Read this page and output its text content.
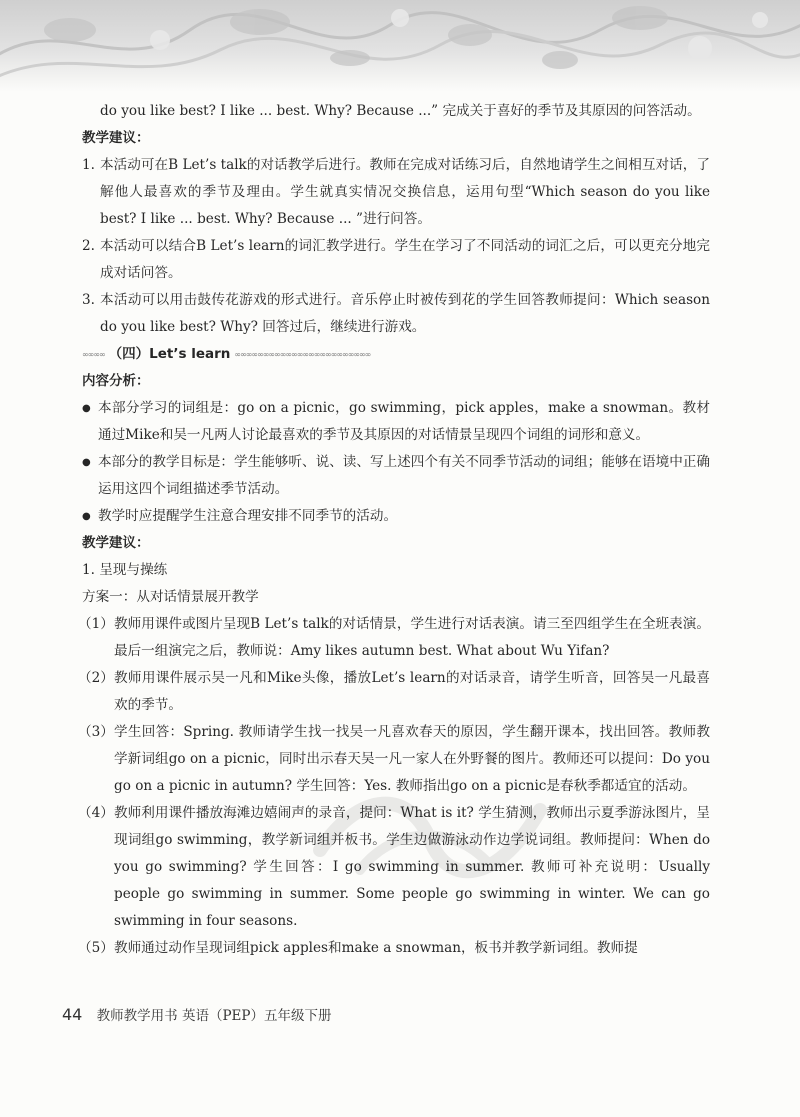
do you like best? I like ... best. Why? Because ...” 完成关于喜好的季节及其原因的问答活动。
教学建议：
1. 本活动可在B Let’s talk的对话教学后进行。教师在完成对话练习后，自然地请学生之间相互对话，了解他人最喜欢的季节及理由。学生就真实情况交换信息，运用句型“Which season do you like best? I like ... best. Why? Because ... ”进行问答。
2. 本活动可以结合B Let’s learn的词汇教学进行。学生在学习了不同活动的词汇之后，可以更充分地完成对话问答。
3. 本活动可以用击鼓传花游戏的形式进行。音乐停止时被传到花的学生回答教师提问：Which season do you like best? Why? 回答过后，继续进行游戏。
∞∞∞∞ （四）Let’s learn ∞∞∞∞∞∞∞∞∞∞∞∞∞∞∞∞∞∞∞∞∞∞∞∞
内容分析：
● 本部分学习的词组是：go on a picnic，go swimming，pick apples，make a snowman。教材通过Mike和吴一凡两人讨论最喜欢的季节及其原因的对话情景呈现四个词组的词形和意义。
● 本部分的教学目标是：学生能够听、说、读、写上述四个有关不同季节活动的词组；能够在语境中正确运用这四个词组描述季节活动。
● 教学时应提醒学生注意合理安排不同季节的活动。
教学建议：
1. 呈现与操练
方案一：从对话情景展开教学
（1） 教师用课件或图片呈现B Let’s talk的对话情景，学生进行对话表演。请三至四组学生在全班表演。最后一组演完之后，教师说：Amy likes autumn best. What about Wu Yifan?
（2） 教师用课件展示吴一凡和Mike头像，播放Let’s learn的对话录音，请学生听音，回答吴一凡最喜欢的季节。
（3） 学生回答：Spring. 教师请学生找一找吴一凡喜欢春天的原因，学生翻开课本，找出回答。教师教学新词组go on a picnic，同时出示春天吴一凡一家人在外野餐的图片。教师还可以提问：Do you go on a picnic in autumn? 学生回答：Yes. 教师指出go on a picnic是春秋季都适宜的活动。
（4） 教师利用课件播放海滩边嬉闹声的录音，提问：What is it? 学生猜测，教师出示夏季游泳图片，呈现词组go swimming，教学新词组并板书。学生边做游泳动作边学说词组。教师提问：When do you go swimming? 学生回答：I go swimming in summer. 教师可补充说明：Usually people go swimming in summer. Some people go swimming in winter. We can go swimming in four seasons.
（5） 教师通过动作呈现词组pick apples和make a snowman，板书并教学新词组。教师提
44 教师教学用书 英语（PEP）五年级下册
